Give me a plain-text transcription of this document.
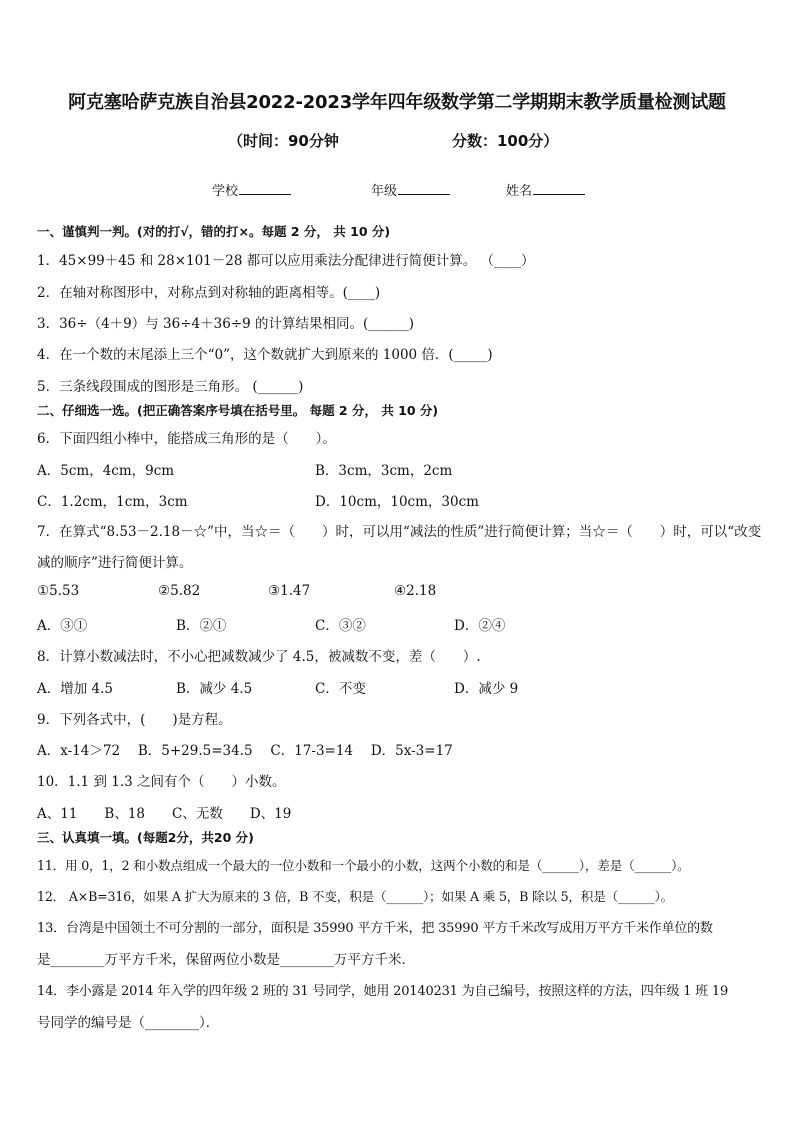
阿克塞哈萨克族自治县2022-2023学年四年级数学第二学期期末教学质量检测试题
（时间：90分钟	分数：100分）
学校	年级	姓名
一、谨慎判一判。(对的打√，错的打×。每题 2 分， 共 10 分)
1．45×99＋45 和 28×101－28 都可以应用乘法分配律进行简便计算。 （____）
2．在轴对称图形中，对称点到对称轴的距离相等。(____)
3．36÷（4＋9）与 36÷4＋36÷9 的计算结果相同。(______)
4．在一个数的末尾添上三个“0”，这个数就扩大到原来的 1000 倍．(_____)
5．三条线段围成的图形是三角形。 (______)
二、仔细选一选。(把正确答案序号填在括号里。 每题 2 分， 共 10 分)
6．下面四组小棒中，能搭成三角形的是（　　）。
A．5cm，4cm，9cm	B．3cm，3cm，2cm
C．1.2cm，1cm，3cm	D．10cm，10cm，30cm
7．在算式“8.53－2.18－☆”中，当☆＝（　　）时，可以用“减法的性质”进行简便计算；当☆＝（　　）时，可以“改变
减的顺序”进行简便计算。
①5.53	②5.82	③1.47	④2.18
A．③①	B．②①	C．③②	D．②④
8．计算小数减法时，不小心把减数减少了 4.5，被减数不变，差（　　）.
A．增加 4.5	B．减少 4.5	C．不变	D．减少 9
9．下列各式中，(　　)是方程。
A．x-14＞72　 B．5+29.5=34.5　 C．17-3=14　 D．5x-3=17
10．1.1 到 1.3 之间有个（　　）小数。
A、11　　B、18　　C、无数　　D、19
三、认真填一填。(每题2分，共20 分)
11．用 0，1，2 和小数点组成一个最大的一位小数和一个最小的小数，这两个小数的和是（______），差是（______）。
12． A×B=316，如果 A 扩大为原来的 3 倍，B 不变，积是（______）；如果 A 乘 5，B 除以 5，积是（______）。
13．台湾是中国领土不可分割的一部分，面积是 35990 平方千米，把 35990 平方千米改写成用万平方千米作单位的数
是________万平方千米，保留两位小数是________万平方千米．
14．李小露是 2014 年入学的四年级 2 班的 31 号同学，她用 20140231 为自己编号，按照这样的方法，四年级 1 班 19
号同学的编号是（________）．
